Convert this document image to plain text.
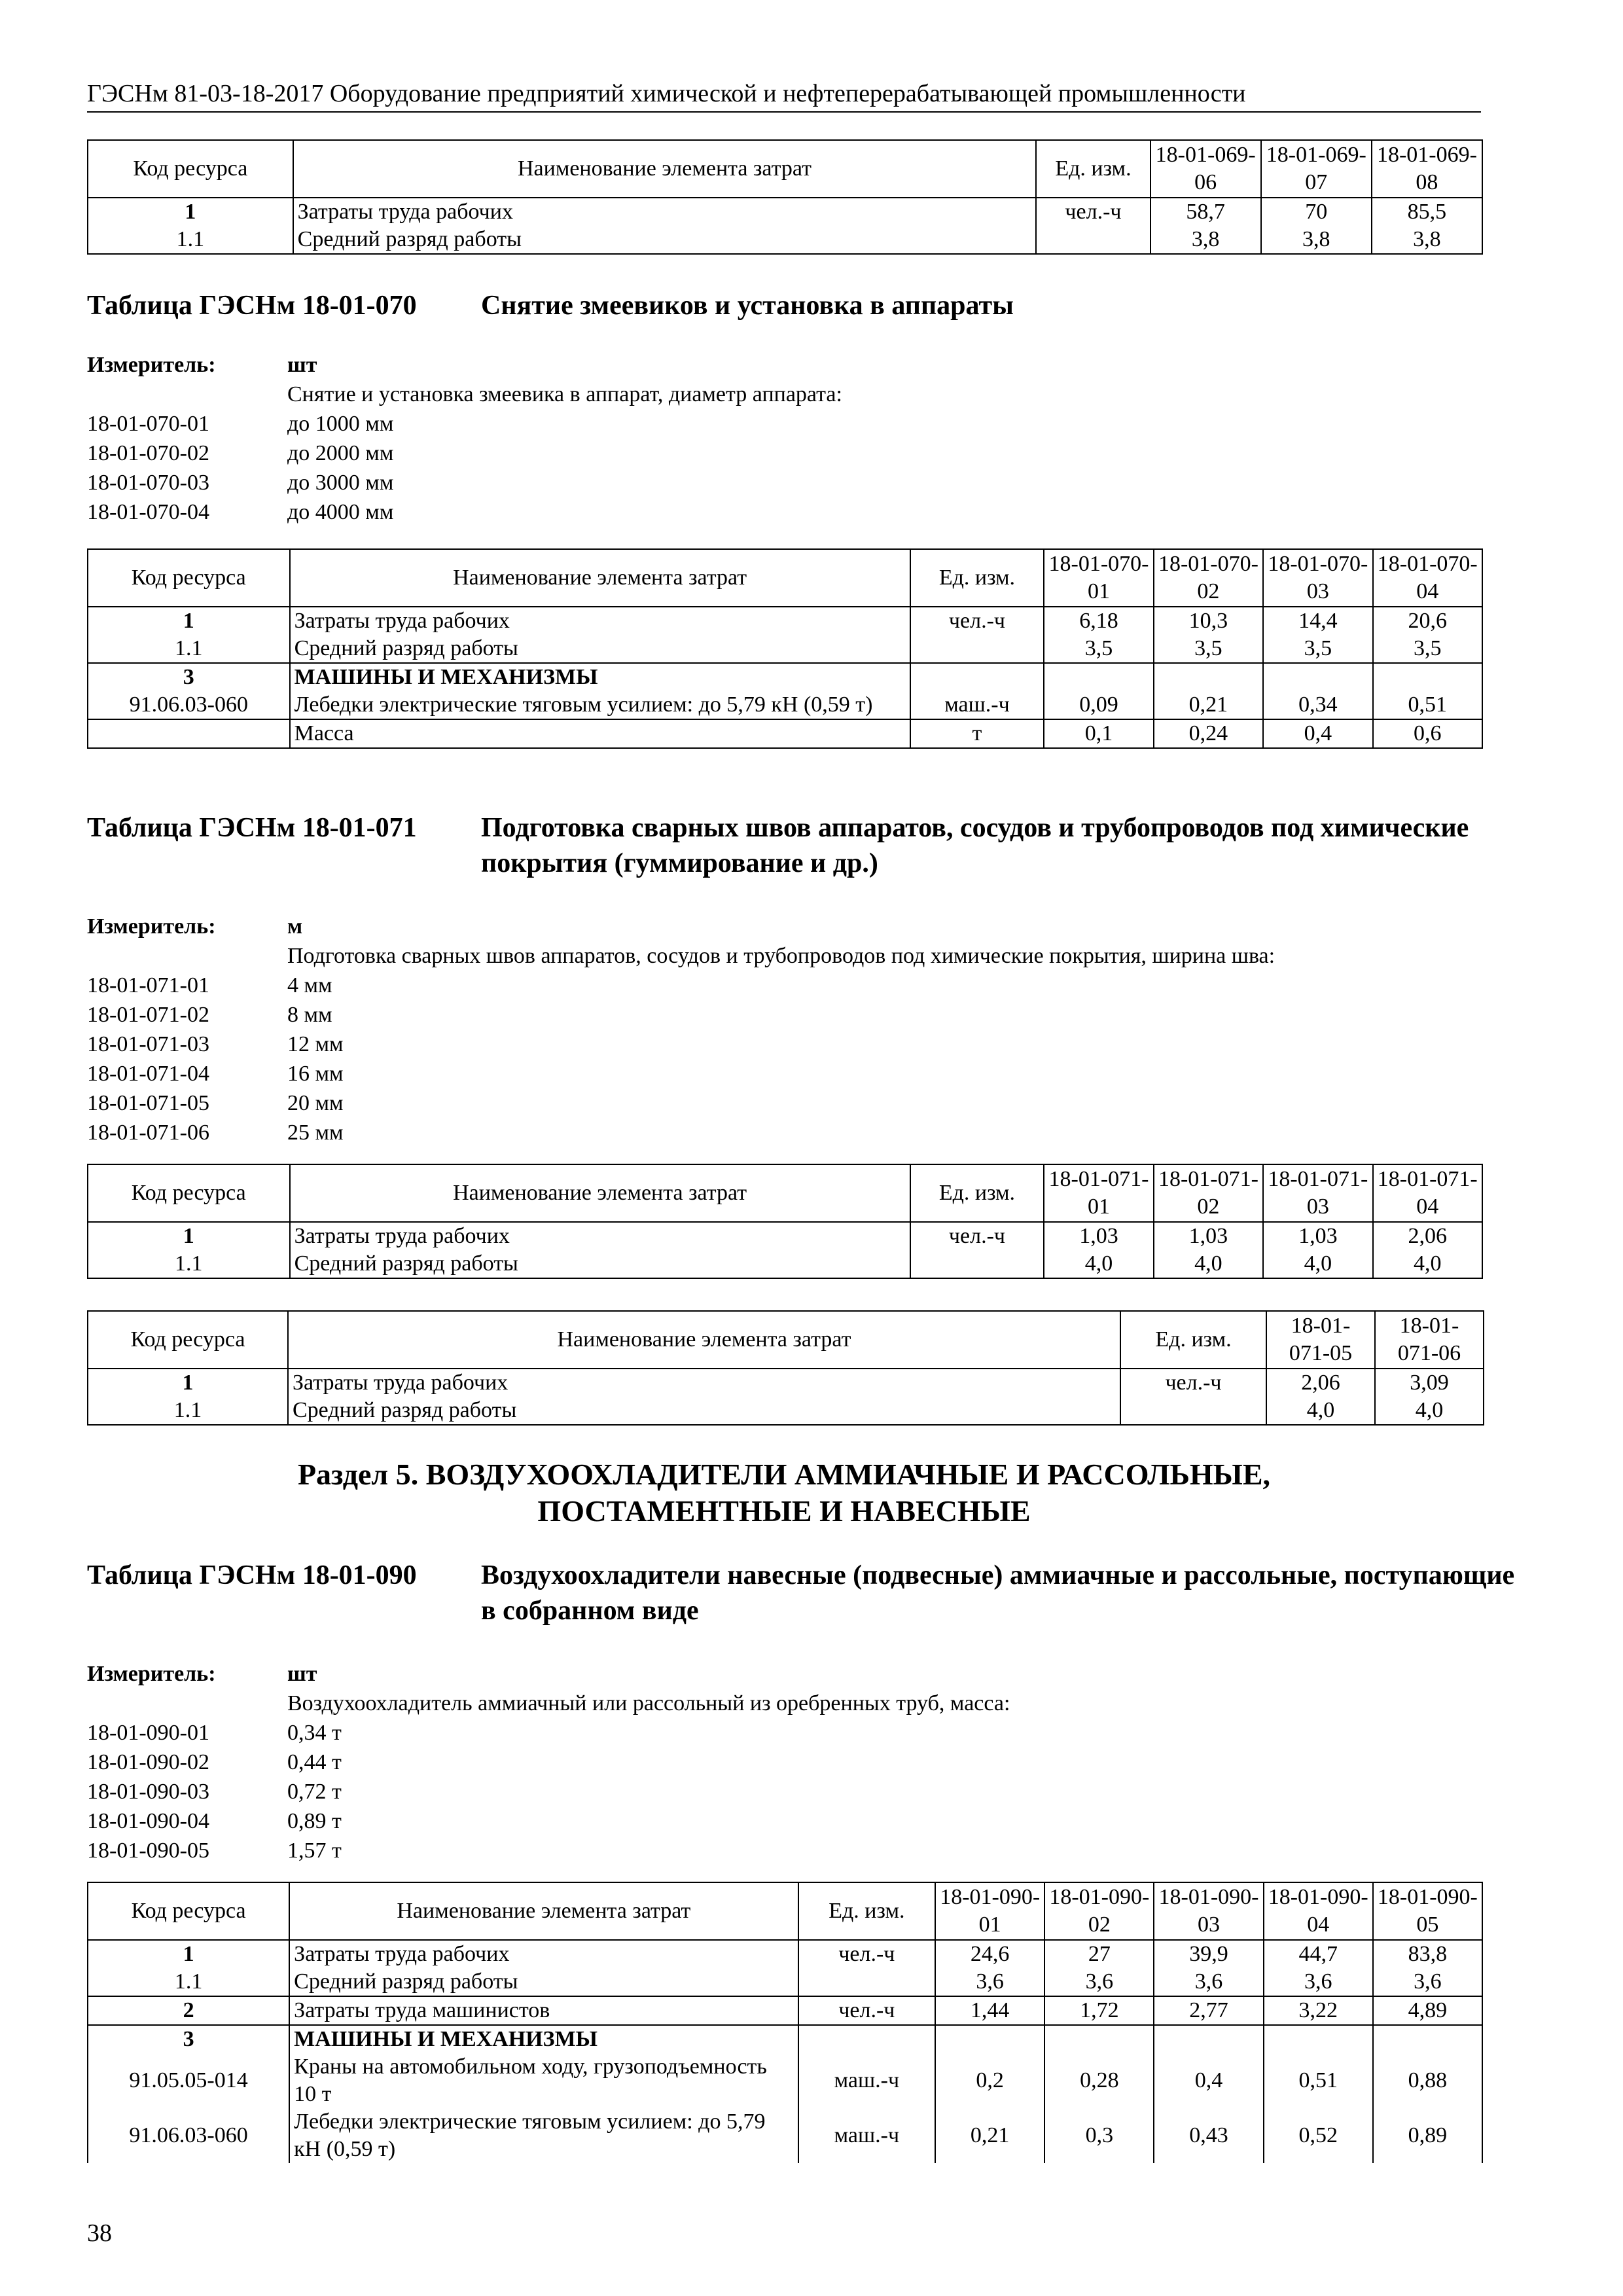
ГЭСНм 81-03-18-2017 Оборудование предприятий химической и нефтеперерабатывающей промышленности
Код ресурса	Наименование элемента затрат	Ед. изм.	18-01-069-06	18-01-069-07	18-01-069-08
1	Затраты труда рабочих	чел.-ч	58,7	70	85,5
1.1	Средний разряд работы		3,8	3,8	3,8
Таблица ГЭСНм 18-01-070 Снятие змеевиков и установка в аппараты
Измеритель:	шт
Снятие и установка змеевика в аппарат, диаметр аппарата:
18-01-070-01	до 1000 мм
18-01-070-02	до 2000 мм
18-01-070-03	до 3000 мм
18-01-070-04	до 4000 мм
Код ресурса	Наименование элемента затрат	Ед. изм.	18-01-070-01	18-01-070-02	18-01-070-03	18-01-070-04
1	Затраты труда рабочих	чел.-ч	6,18	10,3	14,4	20,6
1.1	Средний разряд работы		3,5	3,5	3,5	3,5
3	МАШИНЫ И МЕХАНИЗМЫ					
91.06.03-060	Лебедки электрические тяговым усилием: до 5,79 кН (0,59 т)	маш.-ч	0,09	0,21	0,34	0,51
	Масса	т	0,1	0,24	0,4	0,6
Таблица ГЭСНм 18-01-071 Подготовка сварных швов аппаратов, сосудов и трубопроводов под химические покрытия (гуммирование и др.)
Измеритель:	м
Подготовка сварных швов аппаратов, сосудов и трубопроводов под химические покрытия, ширина шва:
18-01-071-01	4 мм
18-01-071-02	8 мм
18-01-071-03	12 мм
18-01-071-04	16 мм
18-01-071-05	20 мм
18-01-071-06	25 мм
Код ресурса	Наименование элемента затрат	Ед. изм.	18-01-071-01	18-01-071-02	18-01-071-03	18-01-071-04
1	Затраты труда рабочих	чел.-ч	1,03	1,03	1,03	2,06
1.1	Средний разряд работы		4,0	4,0	4,0	4,0
Код ресурса	Наименование элемента затрат	Ед. изм.	18-01-071-05	18-01-071-06
1	Затраты труда рабочих	чел.-ч	2,06	3,09
1.1	Средний разряд работы		4,0	4,0
Раздел 5. ВОЗДУХООХЛАДИТЕЛИ АММИАЧНЫЕ И РАССОЛЬНЫЕ,
ПОСТАМЕНТНЫЕ И НАВЕСНЫЕ
Таблица ГЭСНм 18-01-090 Воздухоохладители навесные (подвесные) аммиачные и рассольные, поступающие в собранном виде
Измеритель:	шт
Воздухоохладитель аммиачный или рассольный из оребренных труб, масса:
18-01-090-01	0,34 т
18-01-090-02	0,44 т
18-01-090-03	0,72 т
18-01-090-04	0,89 т
18-01-090-05	1,57 т
Код ресурса	Наименование элемента затрат	Ед. изм.	18-01-090-01	18-01-090-02	18-01-090-03	18-01-090-04	18-01-090-05
1	Затраты труда рабочих	чел.-ч	24,6	27	39,9	44,7	83,8
1.1	Средний разряд работы		3,6	3,6	3,6	3,6	3,6
2	Затраты труда машинистов	чел.-ч	1,44	1,72	2,77	3,22	4,89
3	МАШИНЫ И МЕХАНИЗМЫ						
91.05.05-014	Краны на автомобильном ходу, грузоподъемность 10 т	маш.-ч	0,2	0,28	0,4	0,51	0,88
91.06.03-060	Лебедки электрические тяговым усилием: до 5,79 кН (0,59 т)	маш.-ч	0,21	0,3	0,43	0,52	0,89
38
